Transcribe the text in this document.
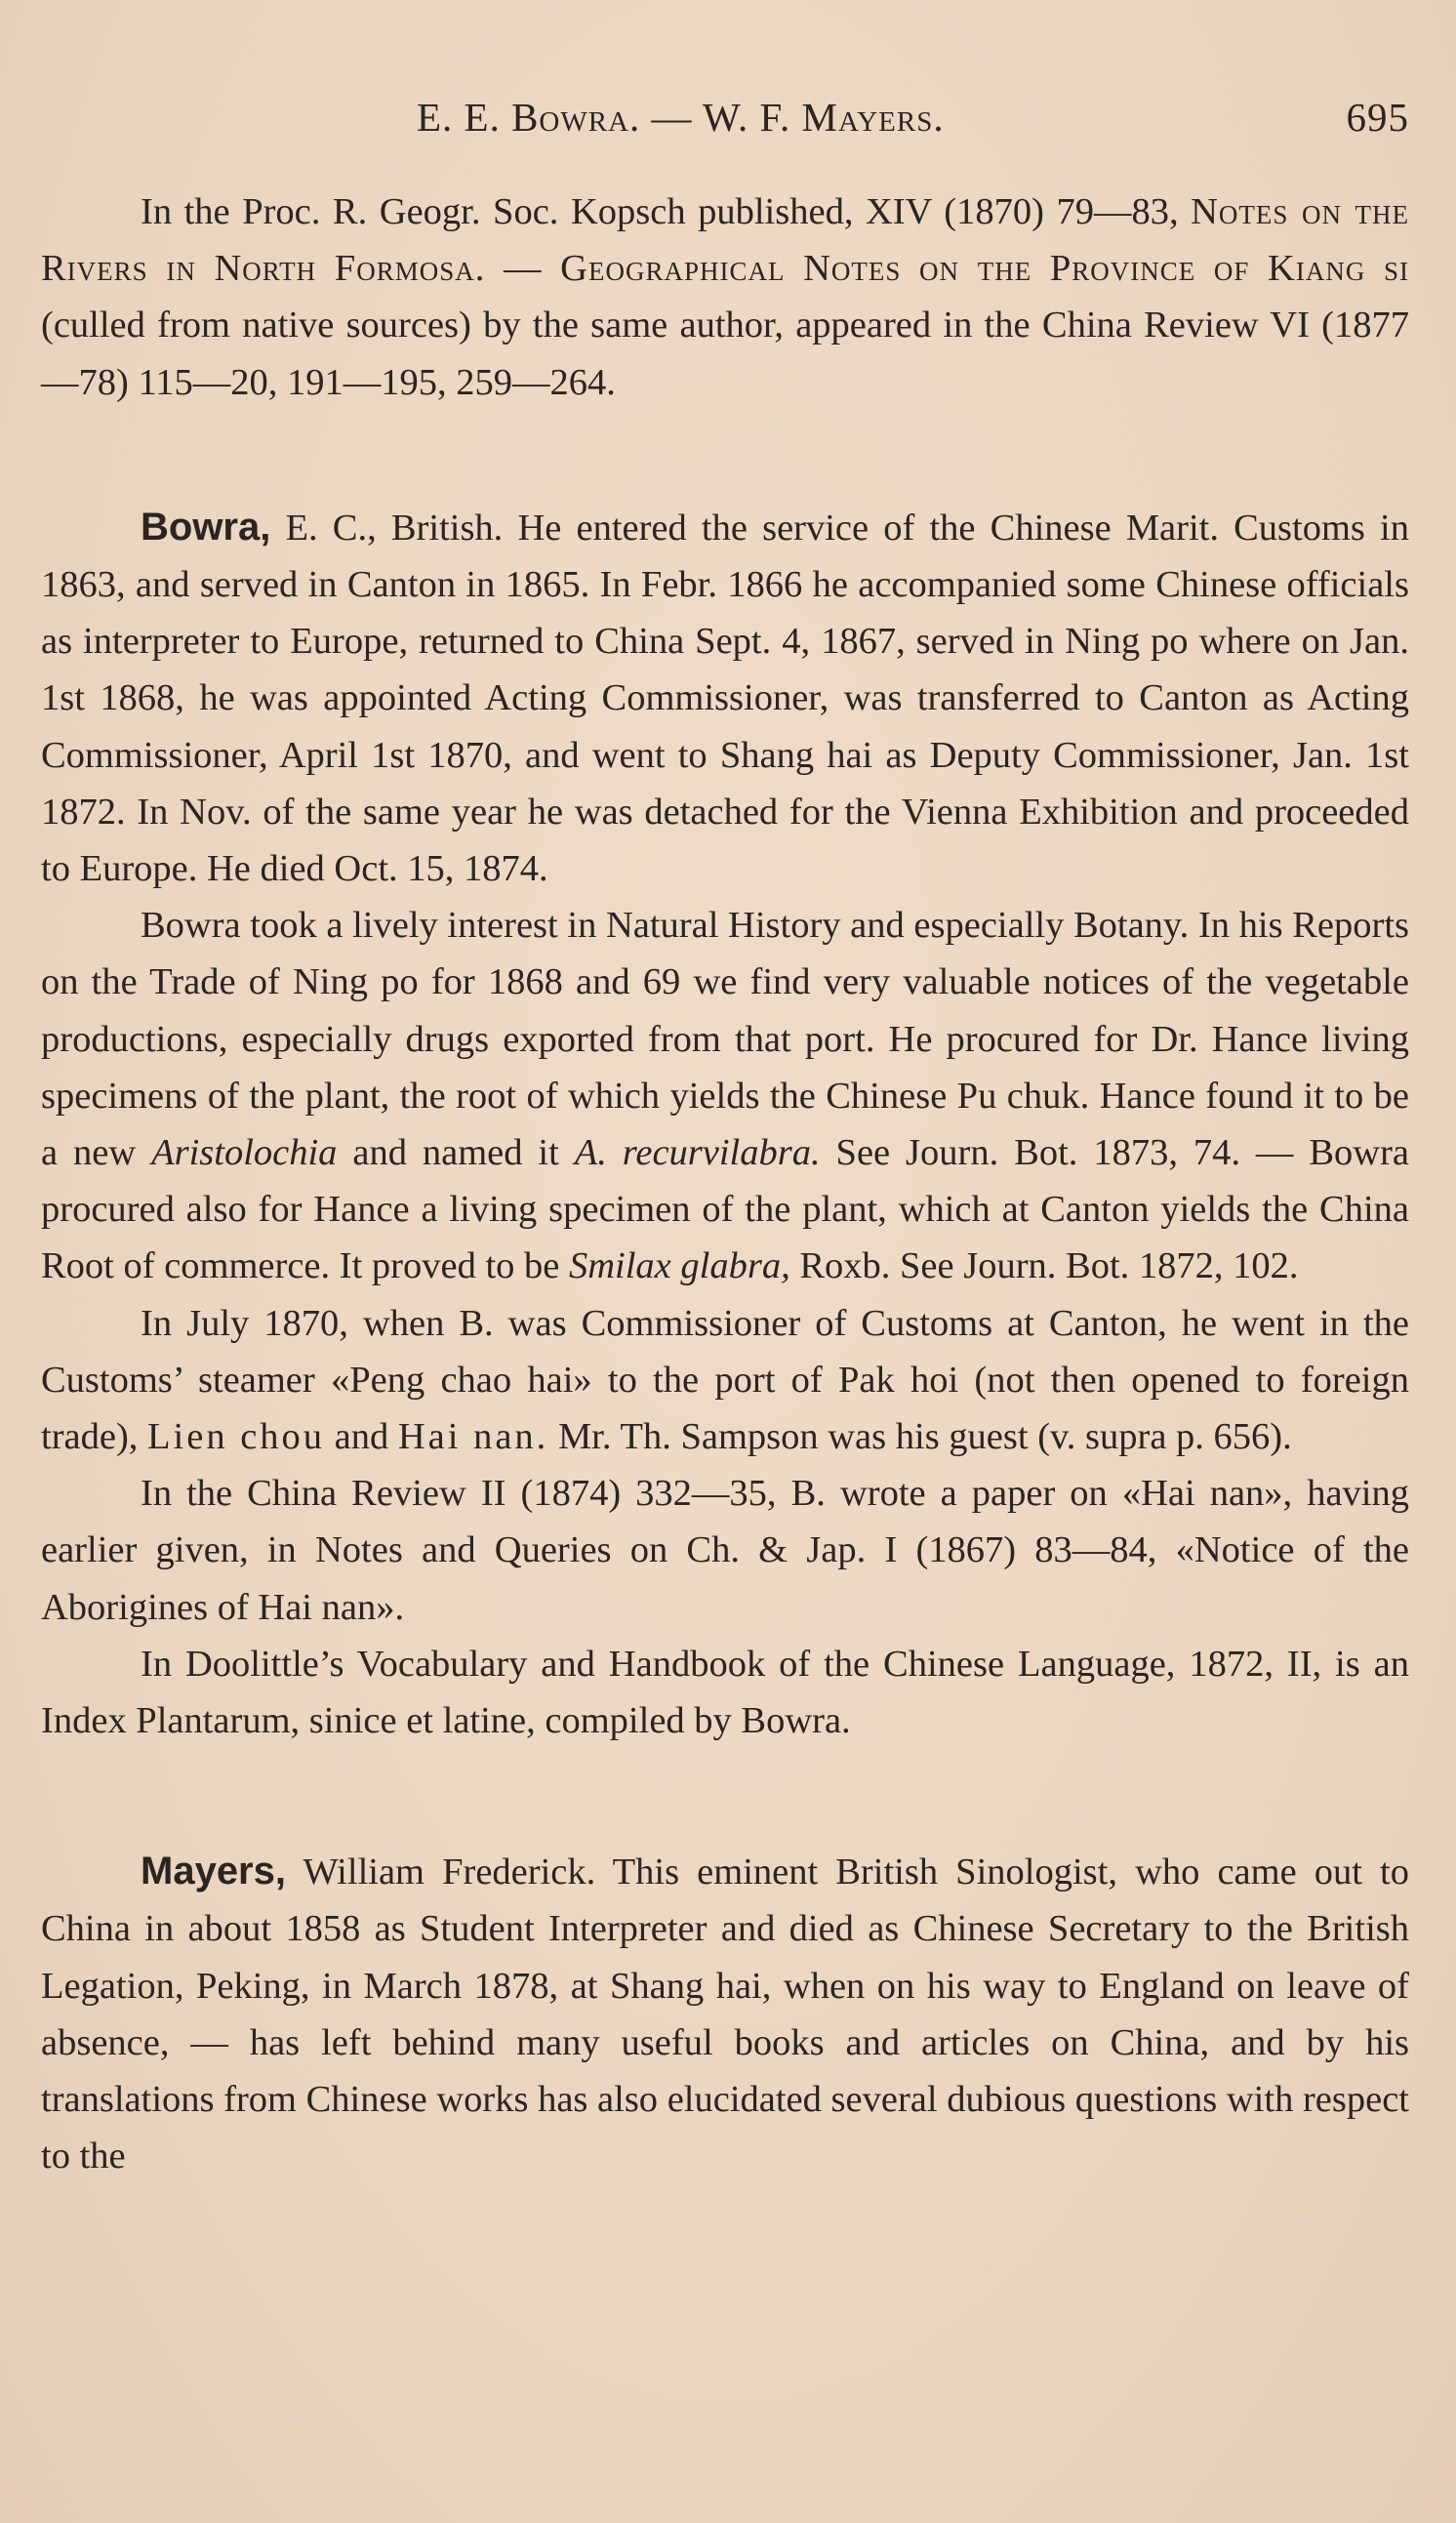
E. E. Bowra. — W. F. Mayers.	695

In the Proc. R. Geogr. Soc. Kopsch published, XIV (1870) 79—83, Notes on the Rivers in North Formosa. — Geographical Notes on the Province of Kiang si (culled from native sources) by the same author, appeared in the China Review VI (1877—78) 115—20, 191—195, 259—264.

Bowra, E. C., British. He entered the service of the Chinese Marit. Customs in 1863, and served in Canton in 1865. In Febr. 1866 he accompanied some Chinese officials as interpreter to Europe, returned to China Sept. 4, 1867, served in Ning po where on Jan. 1st 1868, he was appointed Acting Commissioner, was transferred to Canton as Acting Commissioner, April 1st 1870, and went to Shang hai as Deputy Commissioner, Jan. 1st 1872. In Nov. of the same year he was detached for the Vienna Exhibition and proceeded to Europe. He died Oct. 15, 1874.

Bowra took a lively interest in Natural History and especially Botany. In his Reports on the Trade of Ning po for 1868 and 69 we find very valuable notices of the vegetable productions, especially drugs exported from that port. He procured for Dr. Hance living specimens of the plant, the root of which yields the Chinese Pu chuk. Hance found it to be a new Aristolochia and named it A. recurvilabra. See Journ. Bot. 1873, 74. — Bowra procured also for Hance a living specimen of the plant, which at Canton yields the China Root of commerce. It proved to be Smilax glabra, Roxb. See Journ. Bot. 1872, 102.

In July 1870, when B. was Commissioner of Customs at Canton, he went in the Customs’ steamer «Peng chao hai» to the port of Pak hoi (not then opened to foreign trade), Lien chou and Hai nan. Mr. Th. Sampson was his guest (v. supra p. 656).

In the China Review II (1874) 332—35, B. wrote a paper on «Hai nan», having earlier given, in Notes and Queries on Ch. & Jap. I (1867) 83—84, «Notice of the Aborigines of Hai nan».

In Doolittle’s Vocabulary and Handbook of the Chinese Language, 1872, II, is an Index Plantarum, sinice et latine, compiled by Bowra.

Mayers, William Frederick. This eminent British Sinologist, who came out to China in about 1858 as Student Interpreter and died as Chinese Secretary to the British Legation, Peking, in March 1878, at Shang hai, when on his way to England on leave of absence, — has left behind many useful books and articles on China, and by his translations from Chinese works has also elucidated several dubious questions with respect to the
